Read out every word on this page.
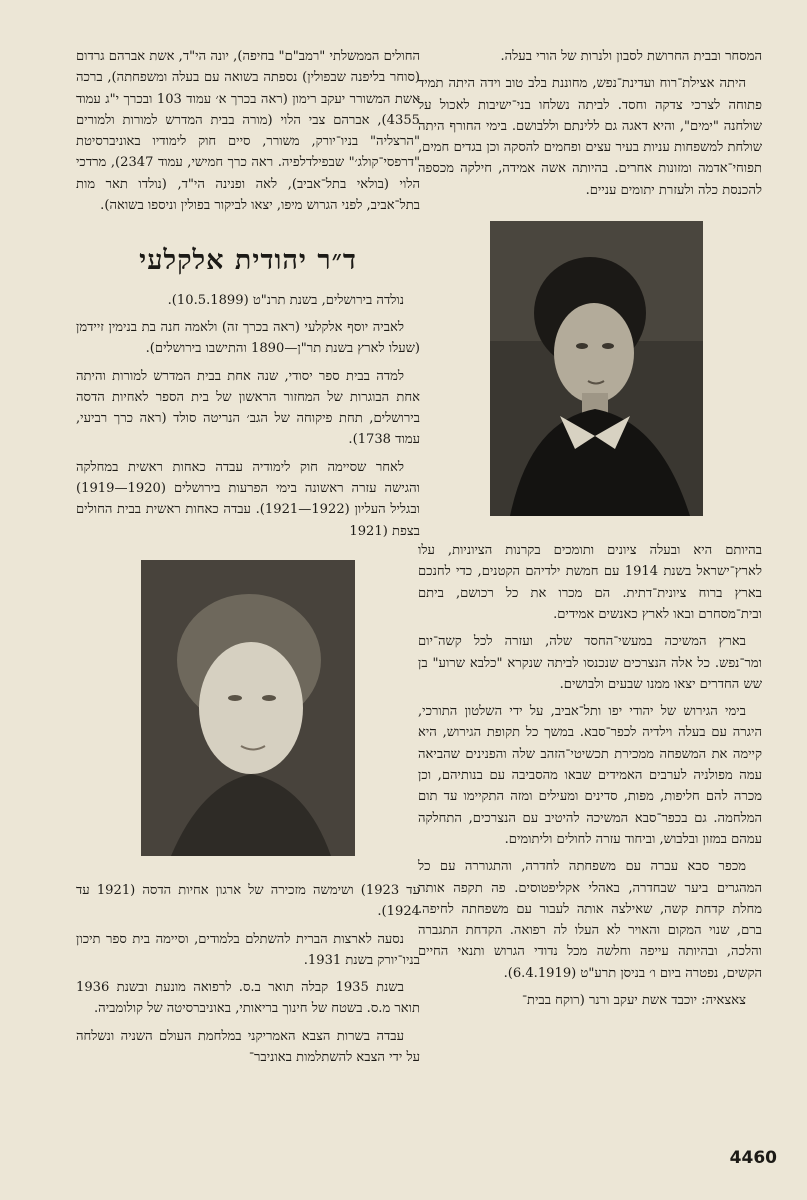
המסחר ובבית החרושת לסבון ולנרות של הורי בעלה.

היתה אצילת־רוח ועדינת־נפש, מחוננת בלב טוב וידה היתה תמיד פתוחה לצרכי צדקה וחסד. לביתה נשלחו בני־ישיבות לאכול על שולחנה "ימים", והיא דאגה גם ללינתם וללבושם. בימי החורף היתה שולחת למשפחות עניות בעיר עצים ופחמים להסקה וכן בגדים חמים, תפוחי־אדמה ומזונות אחרים. בהיותה אשה אמידה, חילקה מכספה להכנסת כלה ולעזרת יתומים עניים.

בהיותם היא ובעלה ציונים ותומכים בקרנות הציוניות, עלו לארץ־ישראל בשנת 1914 עם חמשת ילדיהם הקטנים, כדי לחנכם בארץ ברוח ציונית־דתית. הם מכרו את כל רכושם, ביתם ובית־מסחרם ובאו לארץ כאנשים אמידים.

בארץ המשיכה במעשי־החסד שלה, ועזרה לכל קשה־יום ומר־נפש. כל אלה הנצרכים שנכנסו לביתה שנקרא "כלבא שרוע" בן שש החדרים יצאו ממנו שבעים ולבושים.

בימי הגירוש של יהודי יפו ותל־אביב, על ידי השלטון התורכי, היגרה עם בעלה וילדיה לכפר־סבא. במשך כל תקופת הגירוש, היא קיימה את המשפחה ממכירת תכשיטי־הזהב שלה והפנינים שהביאה עמה מפולניה לערבים האמידים שבאו מהסביבה עם בנותיהם, וכן מכרה להם חליפות, מפות, סדינים ומעילים ומזה התקיימו עד תום המלחמה. גם בכפר־סבא המשיכה להיטיב עם הנצרכים, התחלקה עמהם במזון ובלבוש, וביחוד עזרה לחולים וליתומים.

מכפר סבא עברה עם משפחתה לחדרה, והתגוררה עם כל המהגרים ביער שבחדרה, באהלי אקליפטוסים. פה תקפה אותה מחלת קדחת קשה, שאילצה אותה לעבור עם משפחתה לחיפה. ברם, שנוי המקום והאויר לא העלו לה רפואה. הקדחת התגברה והלכה, ובהיותה עייפה וחלשה מכל נדודי הגרוש ותנאי החיים הקשים, נפטרה ביום ו׳ בניסן תרע"ט (6.4.1919).

צאצאיה: יוכבד אשת יעקב ורנר (רוקח בבית־

החולים הממשלתי "רמב"ם" בחיפה), יונה הי"ד, אשת אברהם גרדום (סוחר בליפנה שבפולין) נספתה בשואה עם בעלה ומשפחתה), ברכה אשת המשורר יעקב רימון (ראה בכרך א׳ עמוד 103 ובכרך י"ג עמוד 4355), אברהם צבי הלוי (מורה בבית המדרש למורות ולמורים "הרצליה" בניו־יורק, משורר, סיים חוק לימודיו באוניברסיטת "דרפסי־קולג׳" שבפילדלפיה. ראה כרך חמישי, עמוד 2347), מרדכי הלוי (בולאי בתל־אביב), לאה ופנינה הי"ד, (נולדו תאר מות בתל־אביב, לפני הגרוש מיפו, יצאו לביקור בפולין וניספו בשואה).

ד״ר יהודית אלקלעי

נולדה בירושלים, בשנת תרנ"ט (10.5.1899).

לאביה יוסף אלקלעי (ראה בכרך זה) ולאמה חנה בת בנימין זיידמן (שעלו לארץ בשנת תר"ן—1890 והתישבו בירושלים).

למדה בבית ספר יסודי, שנה אחת בבית המדרש למורות והיתה אחת הבוגרות של המחזור הראשון של בית הספר לאחיות הדסה בירושלים, תחת פיקוחה של הגב׳ הנריטה סולד (ראה כרך רביעי, עמוד 1738).

לאחר שסיימה חוק לימודיה עבדה כאחות ראשית במחלקה והגישה עזרה ראשונה בימי הפרעות בירושלים (1920—1919) ובגליל העליון (1922—1921). עבדה כאחות ראשית בבית החולים בצפת (1921

עד 1923) ושימשה מזכירה של ארגון אחיות הדסה (1921 עד 1924).

נסעה לארצות הברית להשתלם בלמודים, וסיימה בית ספר תיכון בניו־יורק בשנת 1931.

בשנת 1935 קבלה תואר ב.ס. לרפואה מונעת ובשנת 1936 תואר מ.ס. בשטח של חינוך בריאותי, באוניברסיטה של קולומביה.

עבדה בשרות הצבא האמריקני במלחמת העולם השניה ונשלחה על ידי הצבא להשתלמות באוניבר־

4460
